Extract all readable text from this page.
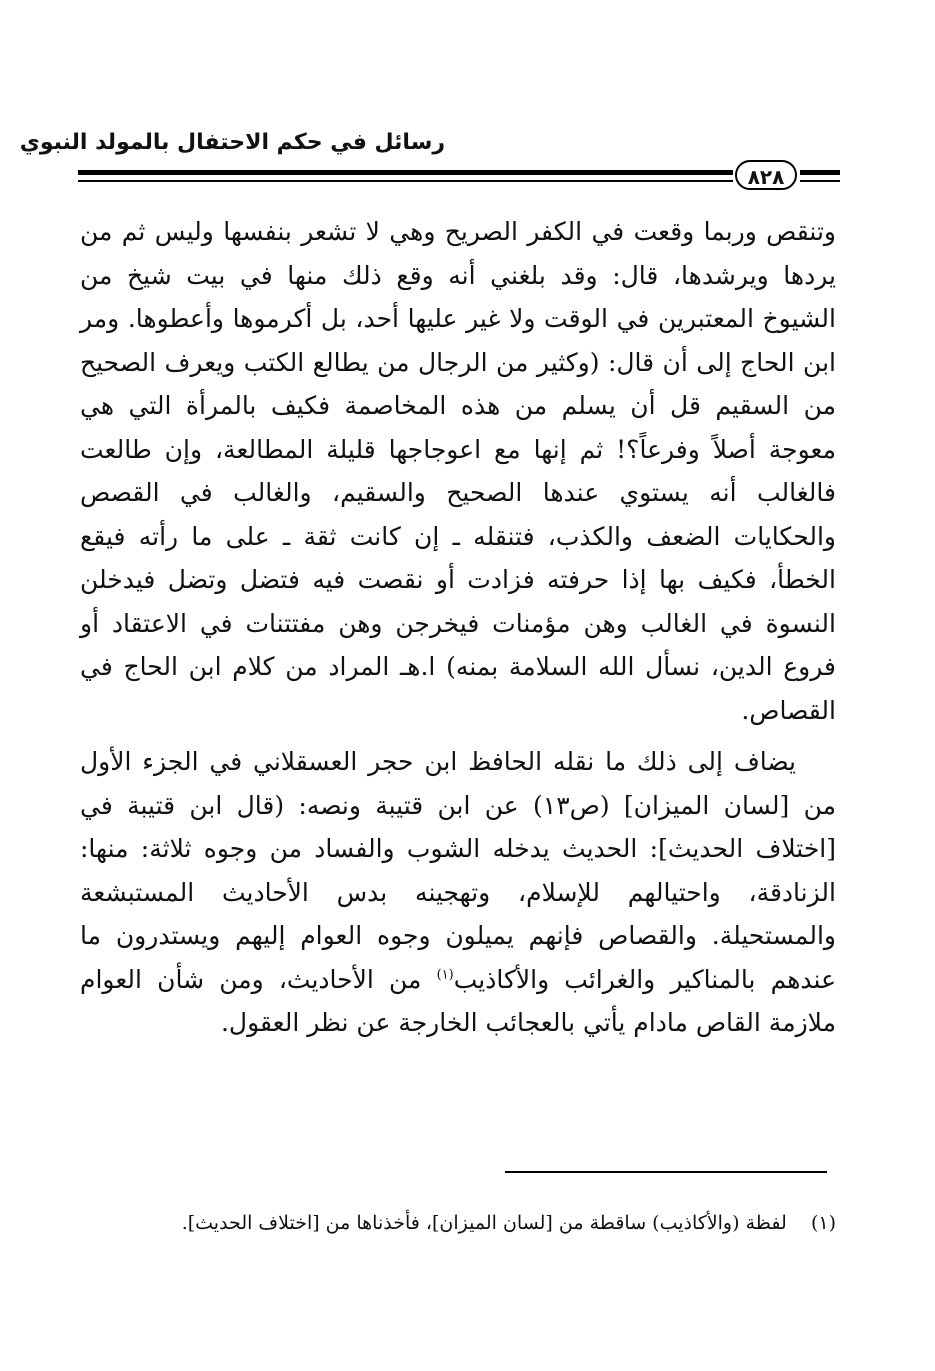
رسائل في حكم الاحتفال بالمولد النبوي
٨٢٨

وتنقص وربما وقعت في الكفر الصريح وهي لا تشعر بنفسها وليس ثم من يردها ويرشدها، قال: وقد بلغني أنه وقع ذلك منها في بيت شيخ من الشيوخ المعتبرين في الوقت ولا غير عليها أحد، بل أكرموها وأعطوها. ومر ابن الحاج إلى أن قال: (وكثير من الرجال من يطالع الكتب ويعرف الصحيح من السقيم قل أن يسلم من هذه المخاصمة فكيف بالمرأة التي هي معوجة أصلاً وفرعاً؟! ثم إنها مع اعوجاجها قليلة المطالعة، وإن طالعت فالغالب أنه يستوي عندها الصحيح والسقيم، والغالب في القصص والحكايات الضعف والكذب، فتنقله ـ إن كانت ثقة ـ على ما رأته فيقع الخطأ، فكيف بها إذا حرفته فزادت أو نقصت فيه فتضل وتضل فيدخلن النسوة في الغالب وهن مؤمنات فيخرجن وهن مفتتنات في الاعتقاد أو فروع الدين، نسأل الله السلامة بمنه) ا.هـ المراد من كلام ابن الحاج في القصاص.

يضاف إلى ذلك ما نقله الحافظ ابن حجر العسقلاني في الجزء الأول من [لسان الميزان] (ص١٣) عن ابن قتيبة ونصه: (قال ابن قتيبة في [اختلاف الحديث]: الحديث يدخله الشوب والفساد من وجوه ثلاثة: منها: الزنادقة، واحتيالهم للإسلام، وتهجينه بدس الأحاديث المستبشعة والمستحيلة. والقصاص فإنهم يميلون وجوه العوام إليهم ويستدرون ما عندهم بالمناكير والغرائب والأكاذيب$^{(١)}$ من الأحاديث، ومن شأن العوام ملازمة القاص مادام يأتي بالعجائب الخارجة عن نظر العقول.

(١)    لفظة (والأكاذيب) ساقطة من [لسان الميزان]، فأخذناها من [اختلاف الحديث].
